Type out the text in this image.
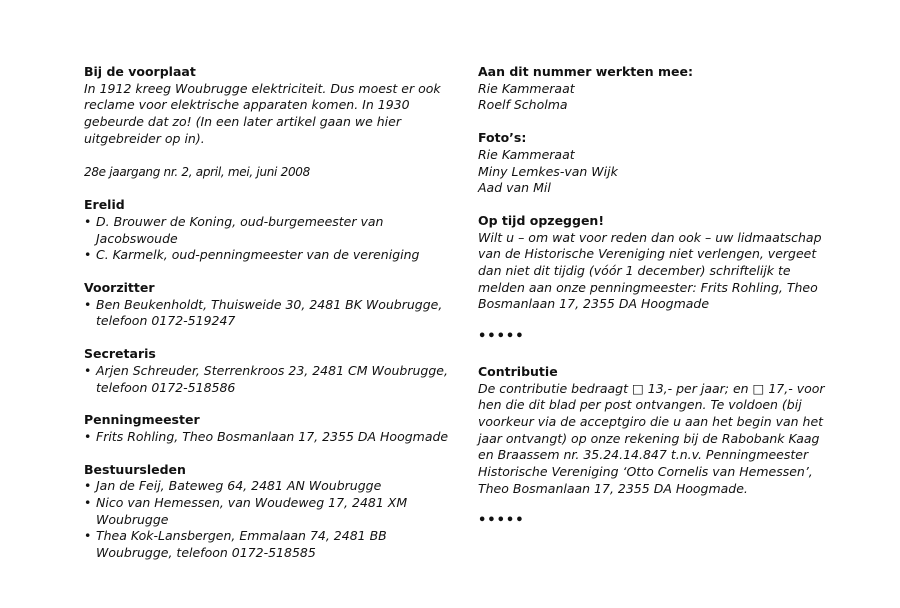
Bij de voorplaat

In 1912 kreeg Woubrugge elektriciteit. Dus moest er ook reclame voor elektrische apparaten komen. In 1930 gebeurde dat zo! (In een later artikel gaan we hier uitgebreider op in).

28e jaargang nr. 2, april, mei, juni 2008
Erelid
• D. Brouwer de Koning, oud-burgemeester van Jacobswoude
• C. Karmelk, oud-penningmeester van de vereniging
Voorzitter
• Ben Beukenholdt, Thuisweide 30, 2481 BK Woubrugge, telefoon 0172-519247
Secretaris
• Arjen Schreuder, Sterrenkroos 23, 2481 CM Woubrugge, telefoon 0172-518586
Penningmeester
• Frits Rohling, Theo Bosmanlaan 17, 2355 DA Hoogmade
Bestuursleden
• Jan de Feij, Bateweg 64, 2481 AN Woubrugge
• Nico van Hemessen, van Woudeweg 17, 2481 XM Woubrugge
• Thea Kok-Lansbergen, Emmalaan 74, 2481 BB Woubrugge, telefoon 0172-518585
Aan dit nummer werkten mee:
Rie Kammeraat
Roelf Scholma
Foto’s:
Rie Kammeraat
Miny Lemkes-van Wijk
Aad van Mil
Op tijd opzeggen!

Wilt u – om wat voor reden dan ook – uw lidmaatschap van de Historische Vereniging niet verlengen, vergeet dan niet dit tijdig (vóór 1 december) schriftelijk te melden aan onze penningmeester: Frits Rohling, Theo Bosmanlaan 17, 2355 DA Hoogmade

•••••
Contributie

De contributie bedraagt □ 13,- per jaar; en □ 17,- voor hen die dit blad per post ontvangen. Te voldoen (bij voorkeur via de acceptgiro die u aan het begin van het jaar ontvangt) op onze rekening bij de Rabobank Kaag en Braassem nr. 35.24.14.847 t.n.v. Penningmeester Historische Vereniging ‘Otto Cornelis van Hemessen’, Theo Bosmanlaan 17, 2355 DA Hoogmade.

•••••
